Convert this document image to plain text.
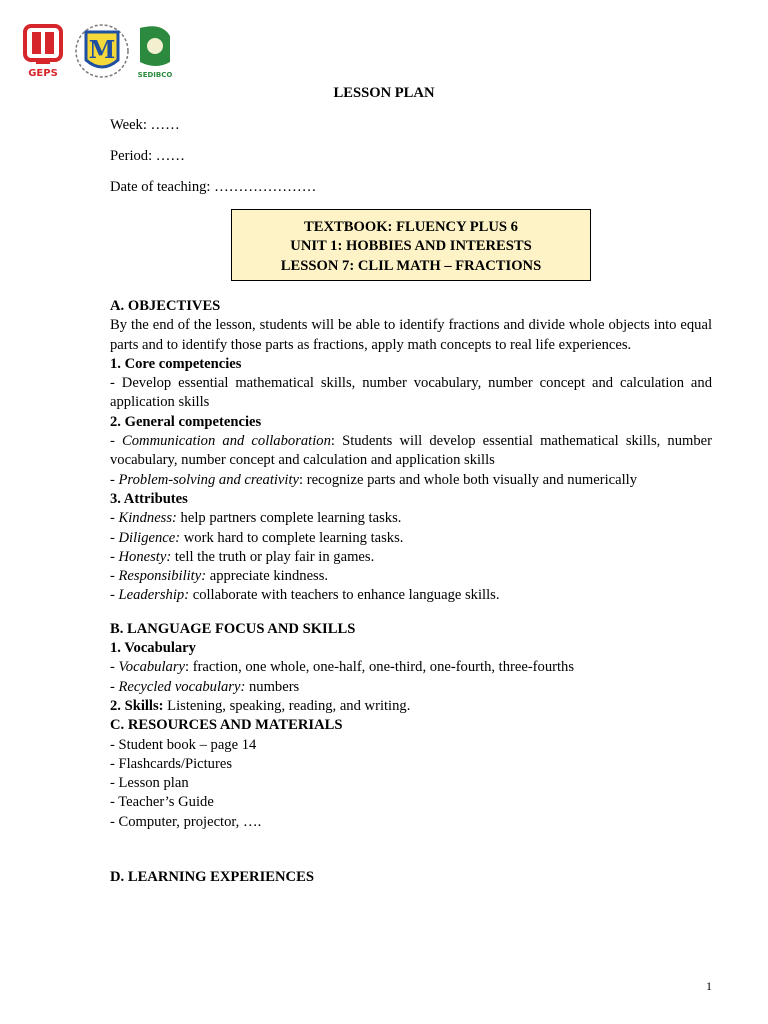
GEPS
M
SEDIBCO
LESSON PLAN
Week: ……
Period: ……
Date of teaching: …………………
TEXTBOOK: FLUENCY PLUS 6
UNIT 1: HOBBIES AND INTERESTS
LESSON 7: CLIL MATH – FRACTIONS

A. OBJECTIVES

By the end of the lesson, students will be able to identify fractions and divide whole objects into equal parts and to identify those parts as fractions, apply math concepts to real life experiences.

1. Core competencies

- Develop essential mathematical skills, number vocabulary, number concept and calculation and application skills

2. General competencies

- Communication and collaboration: Students will develop essential mathematical skills, number vocabulary, number concept and calculation and application skills

- Problem-solving and creativity: recognize parts and whole both visually and numerically

3. Attributes

- Kindness: help partners complete learning tasks.

- Diligence: work hard to complete learning tasks.

- Honesty: tell the truth or play fair in games.

- Responsibility: appreciate kindness.

- Leadership: collaborate with teachers to enhance language skills.

B. LANGUAGE FOCUS AND SKILLS

1. Vocabulary

- Vocabulary: fraction, one whole, one-half, one-third, one-fourth, three-fourths

- Recycled vocabulary: numbers

2. Skills: Listening, speaking, reading, and writing.

C. RESOURCES AND MATERIALS

- Student book – page 14

- Flashcards/Pictures

- Lesson plan

- Teacher’s Guide

- Computer, projector, ….

D. LEARNING EXPERIENCES

1
